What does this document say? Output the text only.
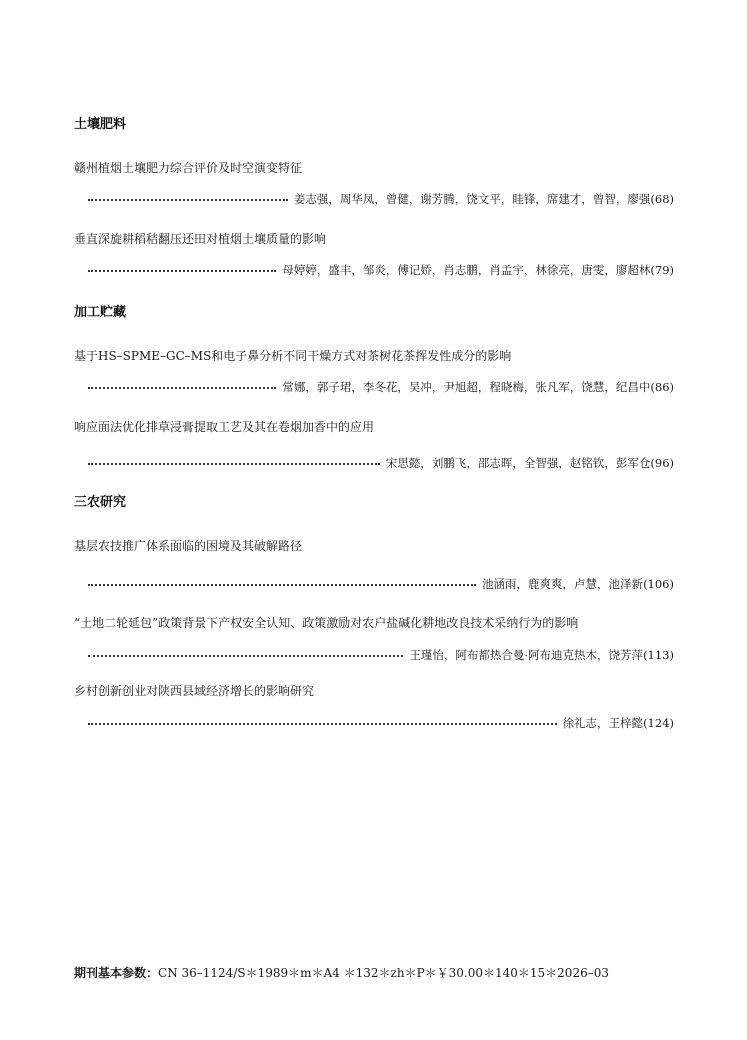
土壤肥料
赣州植烟土壤肥力综合评价及时空演变特征
姜志强，周华凤，曾健，谢芳腾，饶文平，眭锋，席建才，曾智，廖强 (68)
垂直深旋耕稻秸翻压还田对植烟土壤质量的影响
母婷婷，盛丰，邹炎，傅记娇，肖志鹏，肖孟宇，林徐亮，唐雯，廖超林 (79)
加工贮藏
基于HS–SPME–GC–MS和电子鼻分析不同干燥方式对茶树花茶挥发性成分的影响
常娜，郭子珺，李冬花，吴冲，尹旭超，程晓梅，张凡军，饶慧，纪昌中 (86)
响应面法优化排草浸膏提取工艺及其在卷烟加香中的应用
宋思懿，刘鹏飞，邵志晖，全智强，赵铭钦，彭军仓 (96)
三农研究
基层农技推广体系面临的困境及其破解路径
池涵雨，鹿爽爽，卢慧，池泽新 (106)
“土地二轮延包”政策背景下产权安全认知、政策激励对农户盐碱化耕地改良技术采纳行为的影响
王瑾怡，阿布都热合曼·阿布迪克热木，饶芳萍 (113)
乡村创新创业对陕西县域经济增长的影响研究
徐礼志，王梓懿 (124)
期刊基本参数：CN 36–1124/S＊1989＊m＊A4 ＊132＊zh＊P＊￥30.00＊140＊15＊2026–03
